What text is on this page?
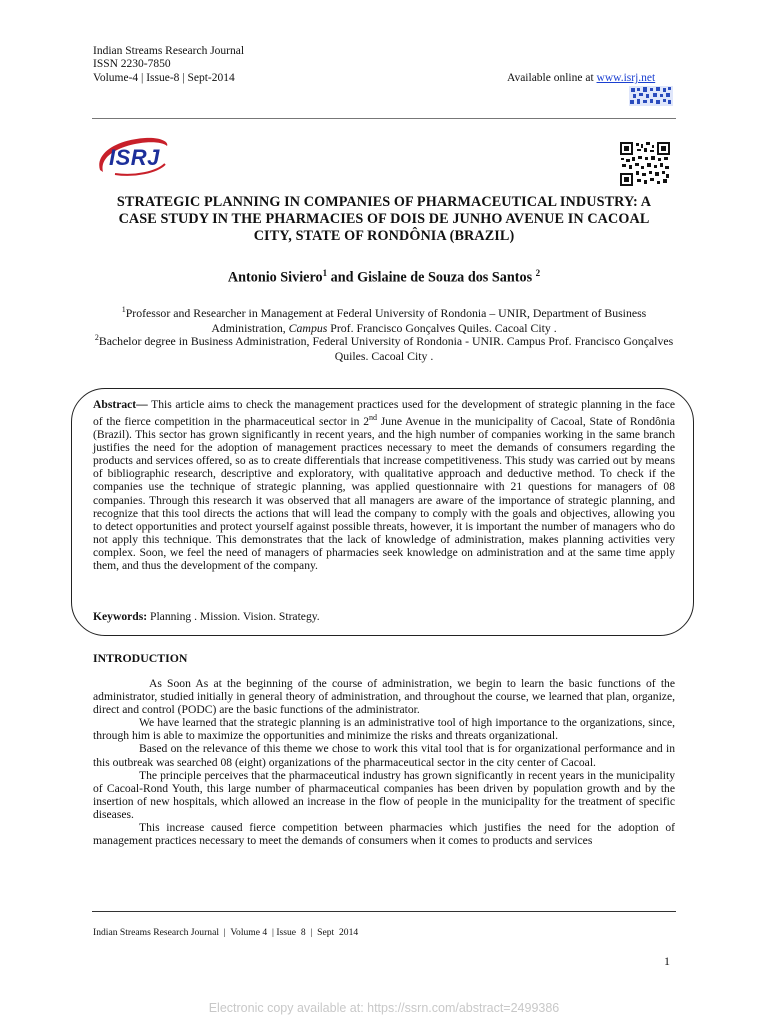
Indian Streams Research Journal
ISSN 2230-7850
Volume-4 | Issue-8 | Sept-2014	Available online at www.isrj.net
ISRJ
STRATEGIC PLANNING IN COMPANIES OF PHARMACEUTICAL INDUSTRY: A CASE STUDY IN THE PHARMACIES OF DOIS DE JUNHO AVENUE IN CACOAL CITY, STATE OF RONDÔNIA (BRAZIL)
Antonio Siviero$^1$ and Gislaine de Souza dos Santos $^2$
$^1$Professor and Researcher in Management at Federal University of Rondonia – UNIR, Department of Business Administration, Campus Prof. Francisco Gonçalves Quiles. Cacoal City .
$^2$Bachelor degree in Business Administration, Federal University of Rondonia - UNIR. Campus Prof. Francisco Gonçalves Quiles. Cacoal City .
Abstract— This article aims to check the management practices used for the development of strategic planning in the face of the fierce competition in the pharmaceutical sector in 2nd June Avenue in the municipality of Cacoal, State of Rondônia (Brazil). This sector has grown significantly in recent years, and the high number of companies working in the same branch justifies the need for the adoption of management practices necessary to meet the demands of consumers regarding the products and services offered, so as to create differentials that increase competitiveness. This study was carried out by means of bibliographic research, descriptive and exploratory, with qualitative approach and deductive method. To check if the companies use the technique of strategic planning, was applied questionnaire with 21 questions for managers of 08 companies. Through this research it was observed that all managers are aware of the importance of strategic planning, and recognize that this tool directs the actions that will lead the company to comply with the goals and objectives, allowing you to detect opportunities and protect yourself against possible threats, however, it is important the number of managers who do not apply this technique. This demonstrates that the lack of knowledge of administration, makes planning activities very complex. Soon, we feel the need of managers of pharmacies seek knowledge on administration and at the same time apply them, and thus the development of the company.
Keywords: Planning . Mission. Vision. Strategy.
INTRODUCTION

As Soon As at the beginning of the course of administration, we begin to learn the basic functions of the administrator, studied initially in general theory of administration, and throughout the course, we learned that plan, organize, direct and control (PODC) are the basic functions of the administrator.

We have learned that the strategic planning is an administrative tool of high importance to the organizations, since, through him is able to maximize the opportunities and minimize the risks and threats organizational.

Based on the relevance of this theme we chose to work this vital tool that is for organizational performance and in this outbreak was searched 08 (eight) organizations of the pharmaceutical sector in the city center of Cacoal.

The principle perceives that the pharmaceutical industry has grown significantly in recent years in the municipality of Cacoal-Rond Youth, this large number of pharmaceutical companies has been driven by population growth and by the insertion of new hospitals, which allowed an increase in the flow of people in the municipality for the treatment of specific diseases.

This increase caused fierce competition between pharmacies which justifies the need for the adoption of management practices necessary to meet the demands of consumers when it comes to products and services

Indian Streams Research Journal  |  Volume 4  | Issue  8  |  Sept  2014
1
Electronic copy available at: https://ssrn.com/abstract=2499386
